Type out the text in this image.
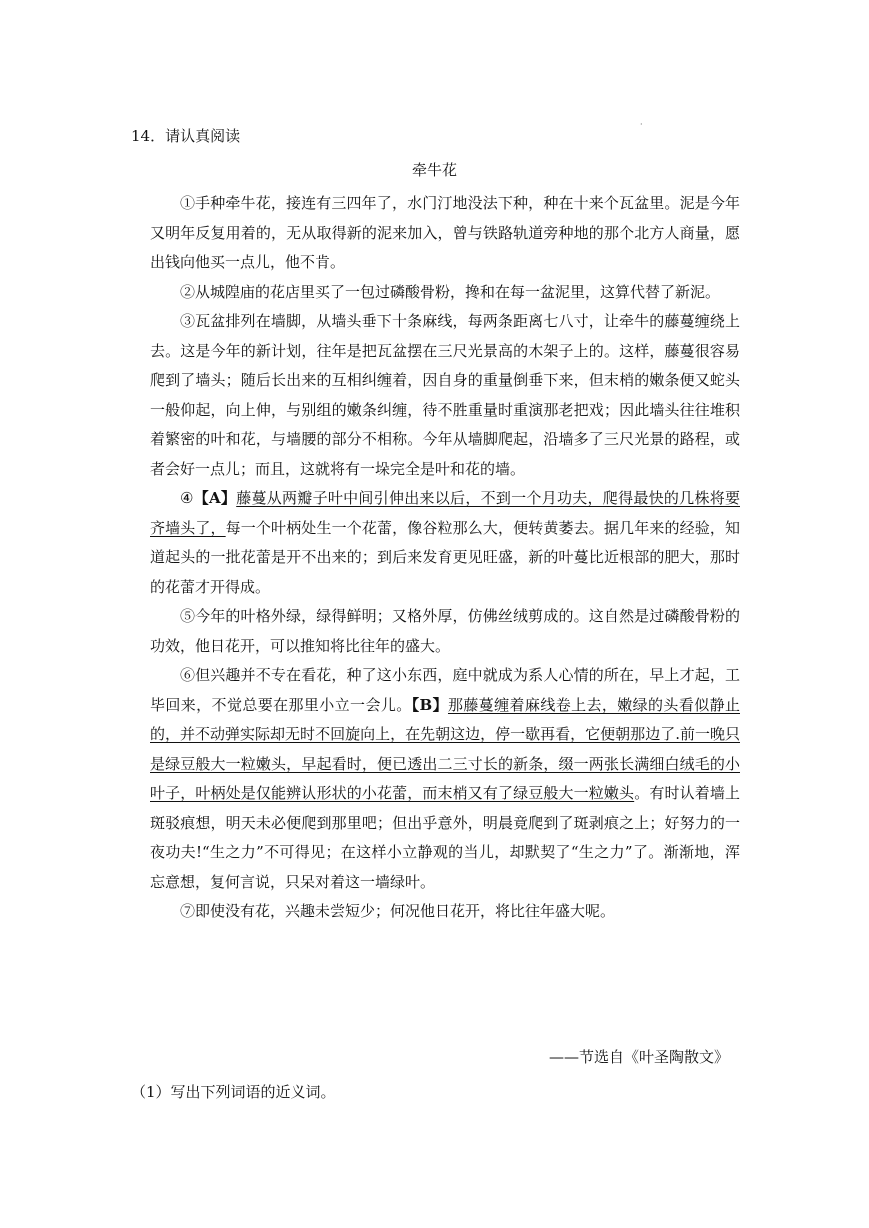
14．请认真阅读
·
牵牛花

①手种牵牛花，接连有三四年了，水门汀地没法下种，种在十来个瓦盆里。泥是今年又明年反复用着的，无从取得新的泥来加入，曾与铁路轨道旁种地的那个北方人商量，愿出钱向他买一点儿，他不肯。

②从城隍庙的花店里买了一包过磷酸骨粉，搀和在每一盆泥里，这算代替了新泥。

③瓦盆排列在墙脚，从墙头垂下十条麻线，每两条距离七八寸，让牵牛的藤蔓缠绕上去。这是今年的新计划，往年是把瓦盆摆在三尺光景高的木架子上的。这样，藤蔓很容易爬到了墙头；随后长出来的互相纠缠着，因自身的重量倒垂下来，但末梢的嫩条便又蛇头一般仰起，向上伸，与别组的嫩条纠缠，待不胜重量时重演那老把戏；因此墙头往往堆积着繁密的叶和花，与墙腰的部分不相称。今年从墙脚爬起，沿墙多了三尺光景的路程，或者会好一点儿；而且，这就将有一垛完全是叶和花的墙。

④【A】藤蔓从两瓣子叶中间引伸出来以后，不到一个月功夫，爬得最快的几株将要齐墙头了，每一个叶柄处生一个花蕾，像谷粒那么大，便转黄萎去。据几年来的经验，知道起头的一批花蕾是开不出来的；到后来发育更见旺盛，新的叶蔓比近根部的肥大，那时的花蕾才开得成。

⑤今年的叶格外绿，绿得鲜明；又格外厚，仿佛丝绒剪成的。这自然是过磷酸骨粉的功效，他日花开，可以推知将比往年的盛大。

⑥但兴趣并不专在看花，种了这小东西，庭中就成为系人心情的所在，早上才起，工毕回来，不觉总要在那里小立一会儿。【B】那藤蔓缠着麻线卷上去，嫩绿的头看似静止的，并不动弹实际却无时不回旋向上，在先朝这边，停一歇再看，它便朝那边了.前一晚只是绿豆般大一粒嫩头，早起看时，便已透出二三寸长的新条，缀一两张长满细白绒毛的小叶子，叶柄处是仅能辨认形状的小花蕾，而末梢又有了绿豆般大一粒嫩头。有时认着墙上斑驳痕想，明天未必便爬到那里吧；但出乎意外，明晨竟爬到了斑剥痕之上；好努力的一夜功夫!“生之力”不可得见；在这样小立静观的当儿，却默契了“生之力”了。渐渐地，浑忘意想，复何言说，只呆对着这一墙绿叶。

⑦即使没有花，兴趣未尝短少；何况他日花开，将比往年盛大呢。

——节选自《叶圣陶散文》
（1）写出下列词语的近义词。
